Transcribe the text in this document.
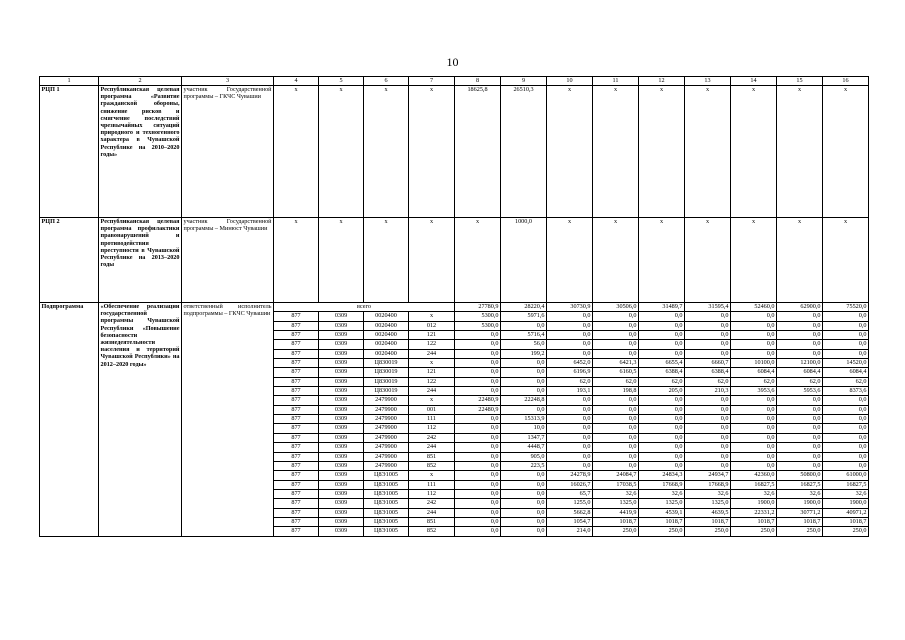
10
1	2	3	4	5	6	7	8	9	10	11	12	13	14	15	16
РЦП 1	Республиканская целевая программа «Развитие гражданской обороны, снижение рисков и смягчение последствий чрезвычайных ситуаций природного и техногенного характера в Чувашской Республике на 2010–2020 годы»	участник Государственной программы – ГКЧС Чувашии	x	x	x	x	18625,8	26510,3	x	x	x	x	x	x	x
РЦП 2	Республиканская целевая программа профилактики правонарушений и противодействия преступности в Чувашской Республике на 2013–2020 годы	участник Государственной программы – Минюст Чувашии	x	x	x	x	x	1000,0	x	x	x	x	x	x	x
Подпрограмма	«Обеспечение реализации государственной программы Чувашской Республики «Повышение безопасности жизнедеятельности населения и территорий Чувашской Республики» на 2012–2020 годы»	ответственный исполнитель подпрограммы – ГКЧС Чувашии	всего				27780,9	28220,4	30730,9	30506,0	31489,7	31595,4	52460,0	62900,0	75520,0
			877	0309	0020400	x	5300,0	5971,6	0,0	0,0	0,0	0,0	0,0	0,0	0,0
			877	0309	0020400	012	5300,0	0,0	0,0	0,0	0,0	0,0	0,0	0,0	0,0
			877	0309	0020400	121	0,0	5716,4	0,0	0,0	0,0	0,0	0,0	0,0	0,0
			877	0309	0020400	122	0,0	56,0	0,0	0,0	0,0	0,0	0,0	0,0	0,0
			877	0309	0020400	244	0,0	199,2	0,0	0,0	0,0	0,0	0,0	0,0	0,0
			877	0309	Ц830019	x	0,0	0,0	6452,0	6421,3	6655,4	6660,7	10100,0	12100,0	14520,0
			877	0309	Ц830019	121	0,0	0,0	6196,9	6160,5	6388,4	6388,4	6084,4	6084,4	6084,4
			877	0309	Ц830019	122	0,0	0,0	62,0	62,0	62,0	62,0	62,0	62,0	62,0
			877	0309	Ц830019	244	0,0	0,0	193,1	198,8	205,0	210,3	3953,6	5953,6	8373,6
			877	0309	2479900	x	22480,9	22248,8	0,0	0,0	0,0	0,0	0,0	0,0	0,0
			877	0309	2479900	001	22480,9	0,0	0,0	0,0	0,0	0,0	0,0	0,0	0,0
			877	0309	2479900	111	0,0	15313,9	0,0	0,0	0,0	0,0	0,0	0,0	0,0
			877	0309	2479900	112	0,0	10,0	0,0	0,0	0,0	0,0	0,0	0,0	0,0
			877	0309	2479900	242	0,0	1347,7	0,0	0,0	0,0	0,0	0,0	0,0	0,0
			877	0309	2479900	244	0,0	4448,7	0,0	0,0	0,0	0,0	0,0	0,0	0,0
			877	0309	2479900	851	0,0	905,0	0,0	0,0	0,0	0,0	0,0	0,0	0,0
			877	0309	2479900	852	0,0	223,5	0,0	0,0	0,0	0,0	0,0	0,0	0,0
			877	0309	Ц8Э1005	x	0,0	0,0	24278,9	24084,7	24834,3	24934,7	42360,0	50800,0	61000,0
			877	0309	Ц8Э1005	111	0,0	0,0	16026,7	17038,5	17668,9	17668,9	16827,5	16827,5	16827,5
			877	0309	Ц8Э1005	112	0,0	0,0	65,7	32,6	32,6	32,6	32,6	32,6	32,6
			877	0309	Ц8Э1005	242	0,0	0,0	1255,0	1325,0	1325,0	1325,0	1900,0	1900,0	1900,0
			877	0309	Ц8Э1005	244	0,0	0,0	5662,8	4419,9	4539,1	4639,5	22331,2	30771,2	40971,2
			877	0309	Ц8Э1005	851	0,0	0,0	1054,7	1018,7	1018,7	1018,7	1018,7	1018,7	1018,7
			877	0309	Ц8Э1005	852	0,0	0,0	214,0	250,0	250,0	250,0	250,0	250,0	250,0
